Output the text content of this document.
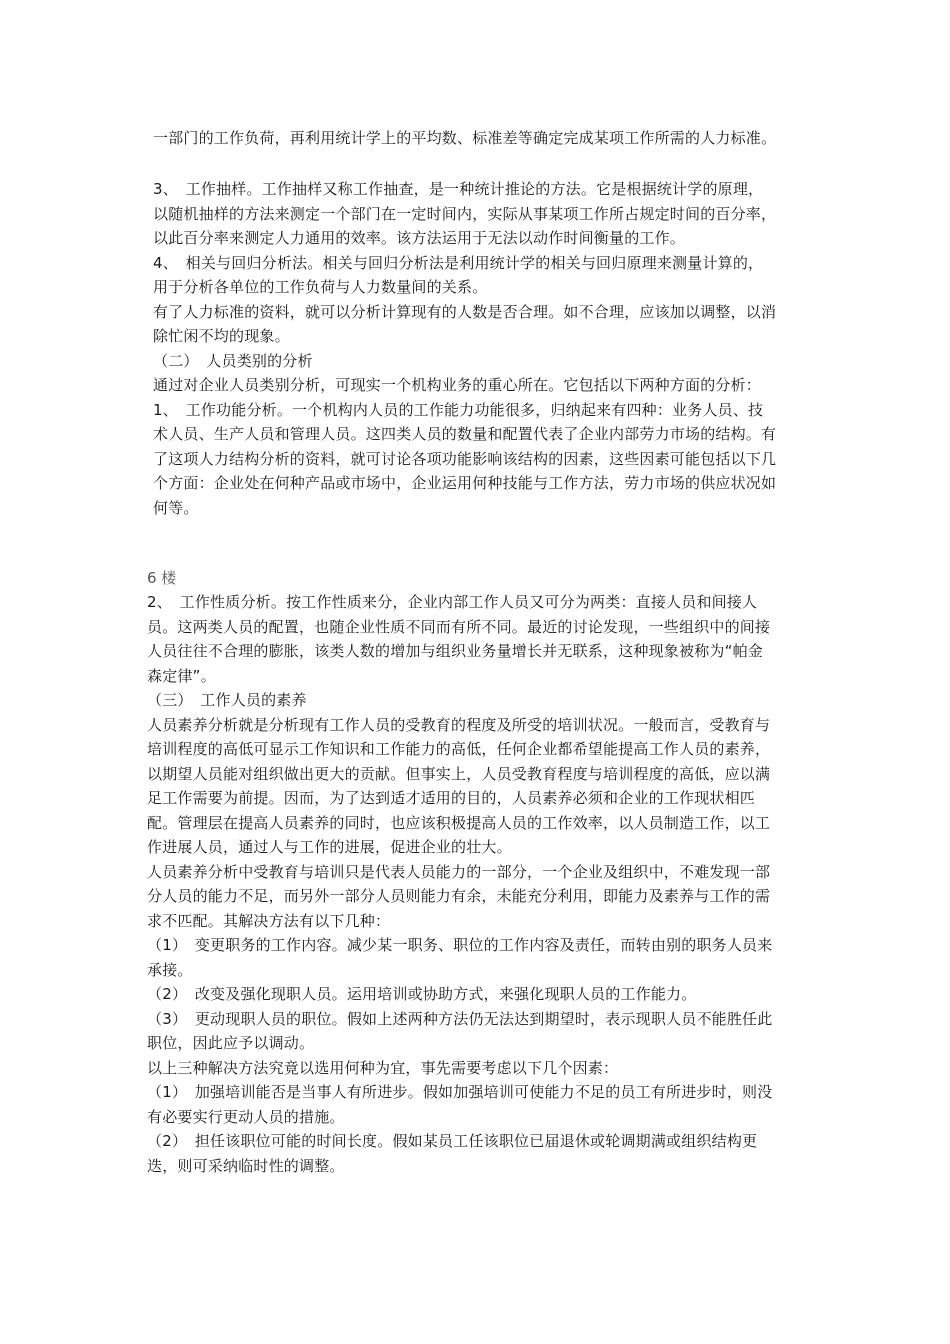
一部门的工作负荷，再利用统计学上的平均数、标准差等确定完成某项工作所需的人力标准。

3、　工作抽样。工作抽样又称工作抽查，是一种统计推论的方法。它是根据统计学的原理，

以随机抽样的方法来测定一个部门在一定时间内，实际从事某项工作所占规定时间的百分率，

以此百分率来测定人力通用的效率。该方法运用于无法以动作时间衡量的工作。

4、　相关与回归分析法。相关与回归分析法是利用统计学的相关与回归原理来测量计算的，

用于分析各单位的工作负荷与人力数量间的关系。

有了人力标准的资料，就可以分析计算现有的人数是否合理。如不合理，应该加以调整，以消

除忙闲不均的现象。

（二）　人员类别的分析

通过对企业人员类别分析，可现实一个机构业务的重心所在。它包括以下两种方面的分析：

1、　工作功能分析。一个机构内人员的工作能力功能很多，归纳起来有四种：业务人员、技

术人员、生产人员和管理人员。这四类人员的数量和配置代表了企业内部劳力市场的结构。有

了这项人力结构分析的资料，就可讨论各项功能影响该结构的因素，这些因素可能包括以下几

个方面：企业处在何种产品或市场中，企业运用何种技能与工作方法，劳力市场的供应状况如

何等。

6 楼

2、　工作性质分析。按工作性质来分，企业内部工作人员又可分为两类：直接人员和间接人

员。这两类人员的配置，也随企业性质不同而有所不同。最近的讨论发现，一些组织中的间接

人员往往不合理的膨胀，该类人数的增加与组织业务量增长并无联系，这种现象被称为“帕金

森定律”。

（三）　工作人员的素养

人员素养分析就是分析现有工作人员的受教育的程度及所受的培训状况。一般而言，受教育与

培训程度的高低可显示工作知识和工作能力的高低，任何企业都希望能提高工作人员的素养，

以期望人员能对组织做出更大的贡献。但事实上，人员受教育程度与培训程度的高低，应以满

足工作需要为前提。因而，为了达到适才适用的目的，人员素养必须和企业的工作现状相匹

配。管理层在提高人员素养的同时，也应该积极提高人员的工作效率，以人员制造工作，以工

作进展人员，通过人与工作的进展，促进企业的壮大。

人员素养分析中受教育与培训只是代表人员能力的一部分，一个企业及组织中，不难发现一部

分人员的能力不足，而另外一部分人员则能力有余，未能充分利用，即能力及素养与工作的需

求不匹配。其解决方法有以下几种：

（1）　变更职务的工作内容。减少某一职务、职位的工作内容及责任，而转由别的职务人员来

承接。

（2）　改变及强化现职人员。运用培训或协助方式，来强化现职人员的工作能力。

（3）　更动现职人员的职位。假如上述两种方法仍无法达到期望时，表示现职人员不能胜任此

职位，因此应予以调动。

以上三种解决方法究竟以选用何种为宜，事先需要考虑以下几个因素：

（1）　加强培训能否是当事人有所进步。假如加强培训可使能力不足的员工有所进步时，则没

有必要实行更动人员的措施。

（2）　担任该职位可能的时间长度。假如某员工任该职位已届退休或轮调期满或组织结构更

迭，则可采纳临时性的调整。
